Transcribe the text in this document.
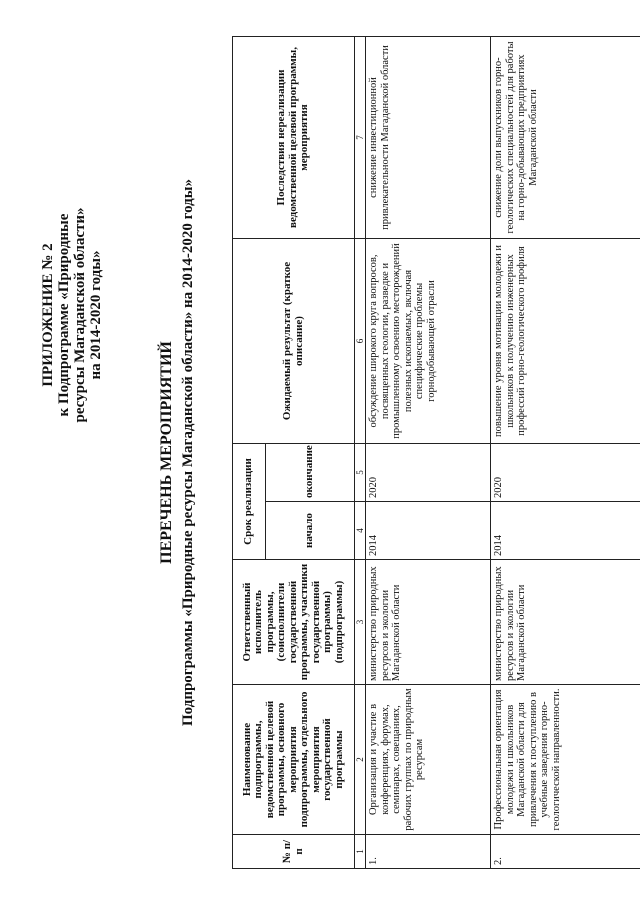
ПРИЛОЖЕНИЕ № 2 к Подпрограмме «Природные ресурсы Магаданской области» на 2014-2020 годы»
ПЕРЕЧЕНЬ МЕРОПРИЯТИЙ Подпрограммы «Природные ресурсы Магаданской области» на 2014-2020 годы»
№ п/п	Наименование подпрограммы, ведомственной целевой программы, основного мероприятия подпрограммы, отдельного мероприятия государственной программы	Ответственный исполнитель программы, (соисполнители государственной программы, участники государственной программы) (подпрограммы)	Срок реализации		Ожидаемый результат (краткое описание)	Последствия нереализации ведомственной целевой программы, мероприятия
			начало	окончание		
1	2	3	4	5	6	7
1.	Организация и участие в конференциях, форумах, семинарах, совещаниях, рабочих группах по природным ресурсам	министерство природных ресурсов и экологии Магаданской области	2014	2020	обсуждение широкого круга вопросов, посвященных геологии, разведке и промышленному освоению месторождений полезных ископаемых, включая специфические проблемы горнодобывающей отрасли	снижение инвестиционной привлекательности Магаданской области
2.	Профессиональная ориентация молодежи и школьников Магаданской области для привлечения к поступлению в учебные заведения горно-геологической направленности.	министерство природных ресурсов и экологии Магаданской области	2014	2020	повышение уровня мотивации молодежи и школьников к получению инженерных профессий горно-геологического профиля	снижение доли выпускников горно-геологических специальностей для работы на горно-добывающих предприятиях Магаданской области
